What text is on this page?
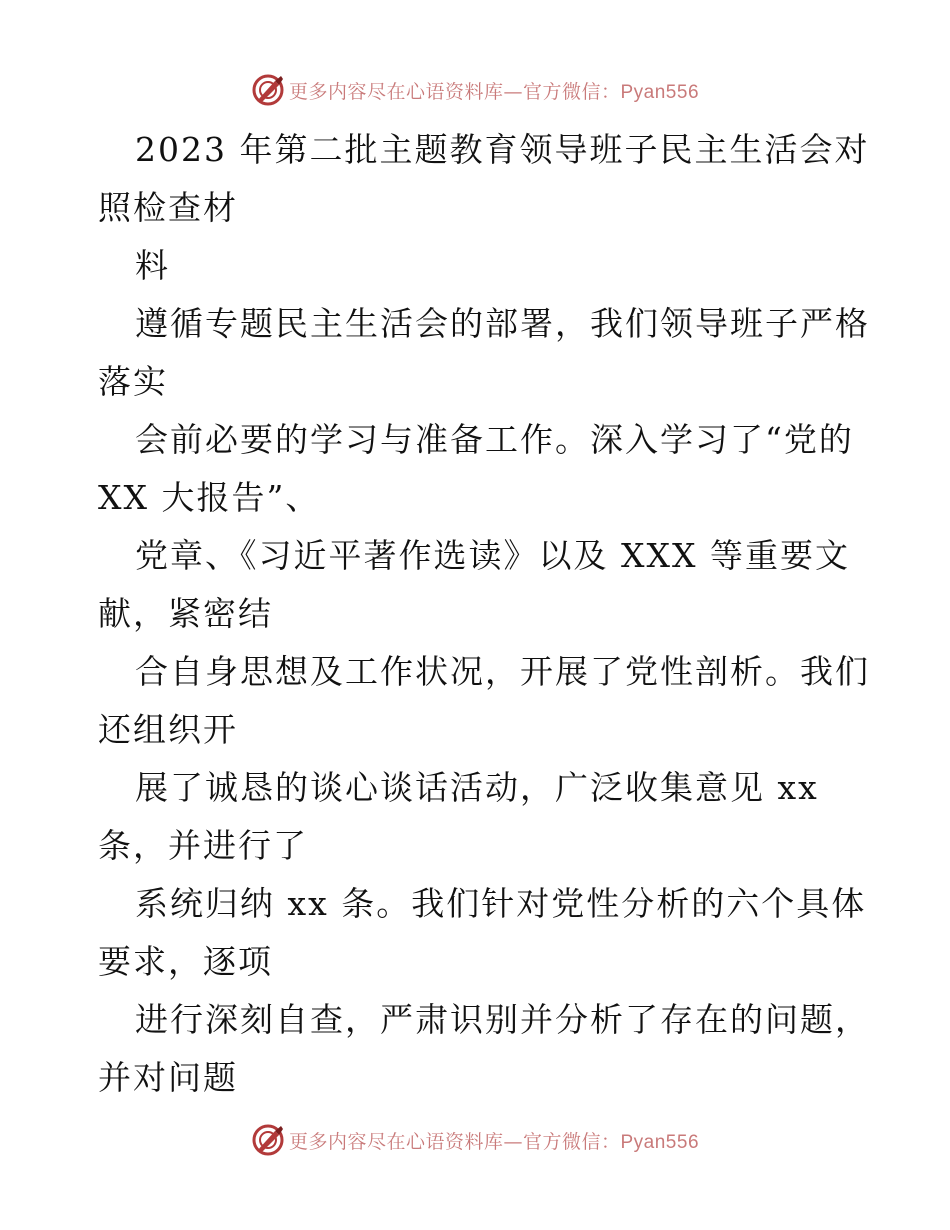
更多内容尽在心语资料库—官方微信：Pyan556
2023 年第二批主题教育领导班子民主生活会对
照检查材
料
遵循专题民主生活会的部署，我们领导班子严格
落实
会前必要的学习与准备工作。深入学习了“党的
XX 大报告”、
党章、《习近平著作选读》以及 XXX 等重要文
献，紧密结
合自身思想及工作状况，开展了党性剖析。我们
还组织开
展了诚恳的谈心谈话活动，广泛收集意见 xx
条，并进行了
系统归纳 xx 条。我们针对党性分析的六个具体
要求，逐项
进行深刻自查，严肃识别并分析了存在的问题，
并对问题
更多内容尽在心语资料库—官方微信：Pyan556
